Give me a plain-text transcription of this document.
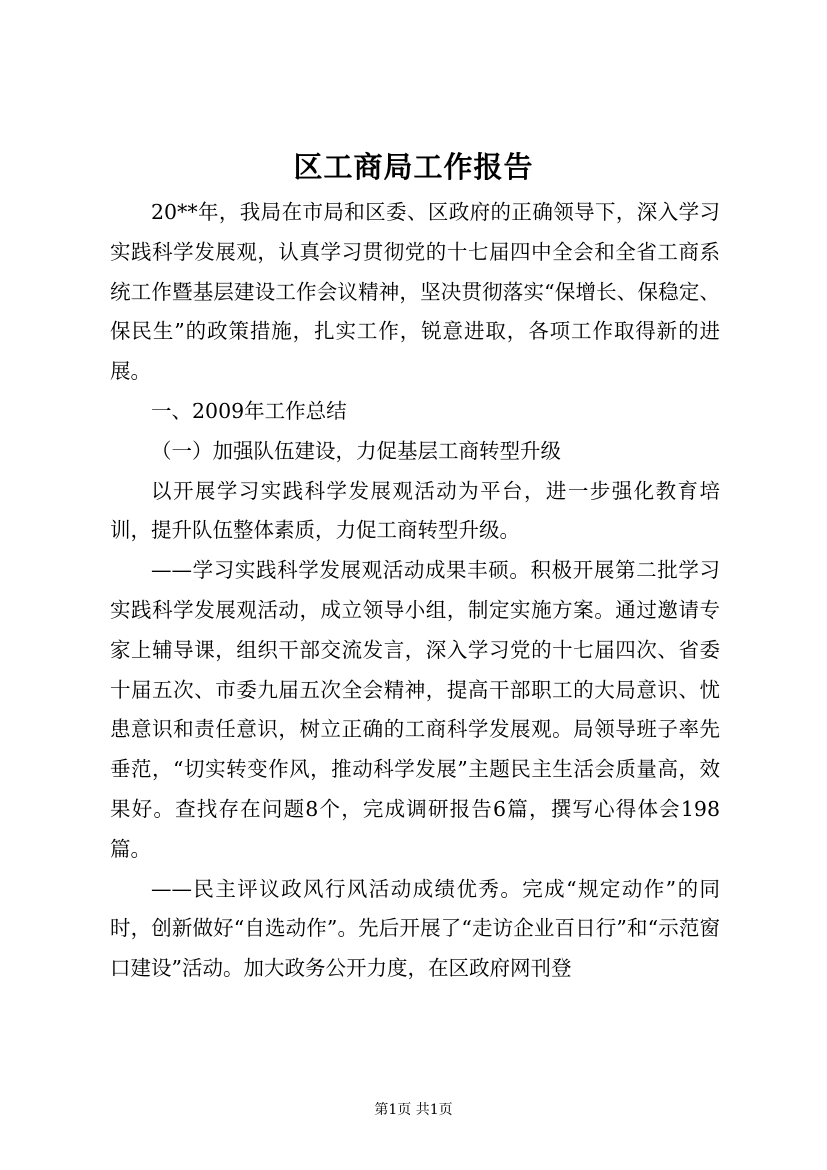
区工商局工作报告

20**年，我局在市局和区委、区政府的正确领导下，深入学习实践科学发展观，认真学习贯彻党的十七届四中全会和全省工商系统工作暨基层建设工作会议精神，坚决贯彻落实“保增长、保稳定、保民生”的政策措施，扎实工作，锐意进取，各项工作取得新的进展。

一、2009年工作总结

（一）加强队伍建设，力促基层工商转型升级

以开展学习实践科学发展观活动为平台，进一步强化教育培训，提升队伍整体素质，力促工商转型升级。

——学习实践科学发展观活动成果丰硕。积极开展第二批学习实践科学发展观活动，成立领导小组，制定实施方案。通过邀请专家上辅导课，组织干部交流发言，深入学习党的十七届四次、省委十届五次、市委九届五次全会精神，提高干部职工的大局意识、忧患意识和责任意识，树立正确的工商科学发展观。局领导班子率先垂范，“切实转变作风，推动科学发展”主题民主生活会质量高，效果好。查找存在问题8个，完成调研报告6篇，撰写心得体会198篇。

——民主评议政风行风活动成绩优秀。完成“规定动作”的同时，创新做好“自选动作”。先后开展了“走访企业百日行”和“示范窗口建设”活动。加大政务公开力度，在区政府网刊登

第1页 共1页
